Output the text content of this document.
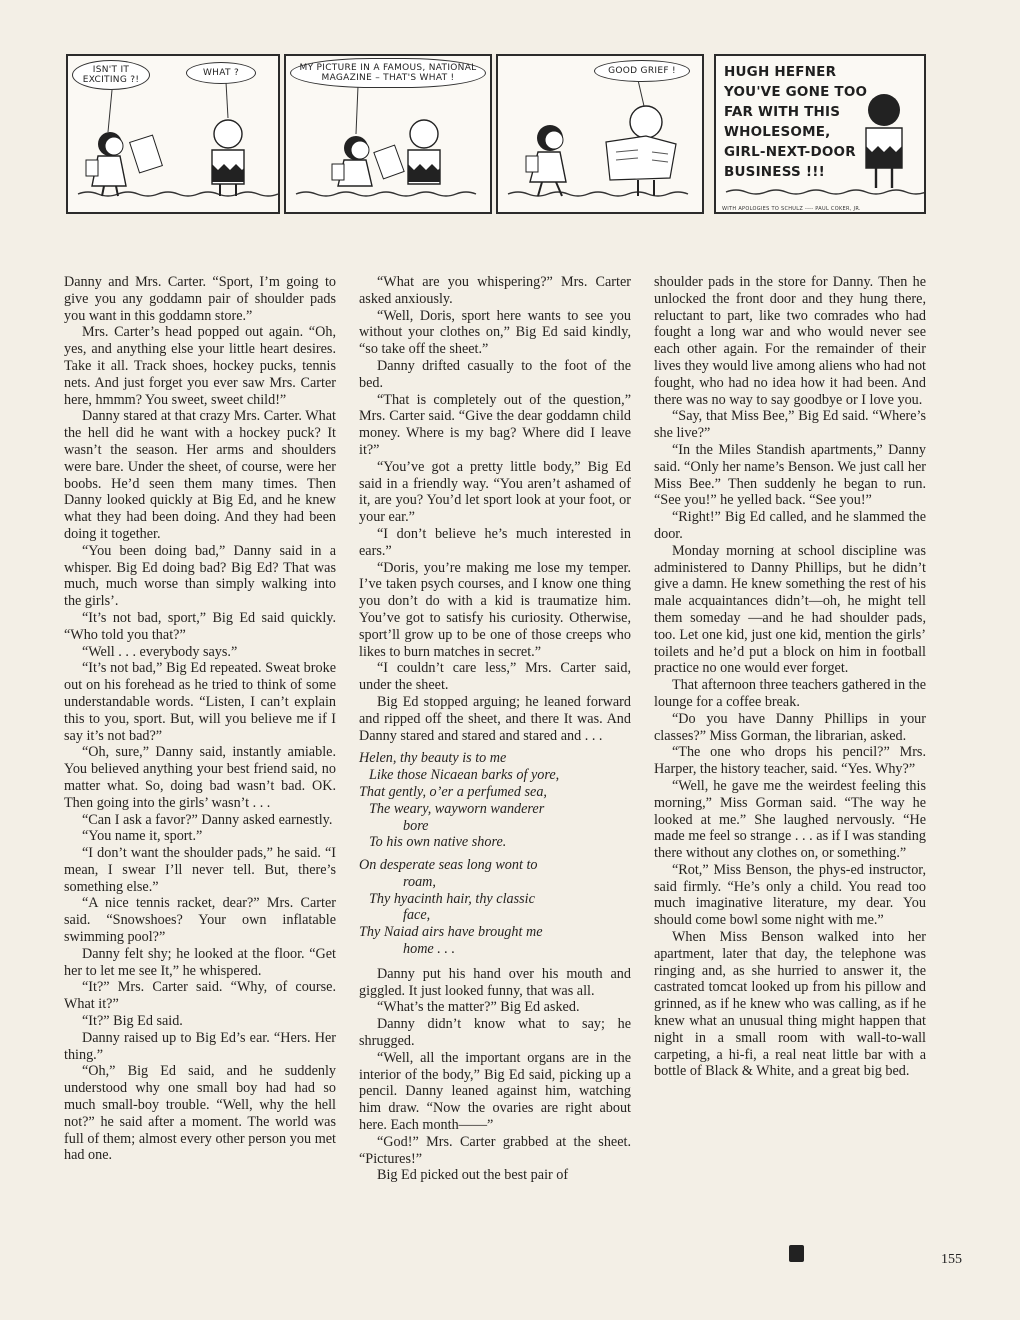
ISN'T IT EXCITING ?!
WHAT ?	MY PICTURE IN A FAMOUS, NATIONAL MAGAZINE – THAT'S WHAT !
GOOD GRIEF !	HUGH HEFNER YOU'VE GONE TOO FAR WITH THIS WHOLESOME, GIRL-NEXT-DOOR BUSINESS !!!
WITH APOLOGIES TO SCHULZ ---- PAUL COKER, JR.

Danny and Mrs. Carter. “Sport, I’m going to give you any goddamn pair of shoulder pads you want in this goddamn store.”

Mrs. Carter’s head popped out again. “Oh, yes, and anything else your little heart desires. Take it all. Track shoes, hockey pucks, tennis nets. And just forget you ever saw Mrs. Carter here, hmmm? You sweet, sweet child!”

Danny stared at that crazy Mrs. Carter. What the hell did he want with a hockey puck? It wasn’t the season. Her arms and shoulders were bare. Under the sheet, of course, were her boobs. He’d seen them many times. Then Danny looked quickly at Big Ed, and he knew what they had been doing. And they had been doing it together.

“You been doing bad,” Danny said in a whisper. Big Ed doing bad? Big Ed? That was much, much worse than simply walking into the girls’.

“It’s not bad, sport,” Big Ed said quickly. “Who told you that?”

“Well . . . everybody says.”

“It’s not bad,” Big Ed repeated. Sweat broke out on his forehead as he tried to think of some understandable words. “Listen, I can’t explain this to you, sport. But, will you believe me if I say it’s not bad?”

“Oh, sure,” Danny said, instantly amiable. You believed anything your best friend said, no matter what. So, doing bad wasn’t bad. OK. Then going into the girls’ wasn’t . . .

“Can I ask a favor?” Danny asked earnestly.

“You name it, sport.”

“I don’t want the shoulder pads,” he said. “I mean, I swear I’ll never tell. But, there’s something else.”

“A nice tennis racket, dear?” Mrs. Carter said. “Snowshoes? Your own inflatable swimming pool?”

Danny felt shy; he looked at the floor. “Get her to let me see It,” he whispered.

“It?” Mrs. Carter said. “Why, of course. What it?”

“It?” Big Ed said.

Danny raised up to Big Ed’s ear. “Hers. Her thing.”

“Oh,” Big Ed said, and he suddenly understood why one small boy had had so much small-boy trouble. “Well, why the hell not?” he said after a moment. The world was full of them; almost every other person you met had one.

“What are you whispering?” Mrs. Carter asked anxiously.

“Well, Doris, sport here wants to see you without your clothes on,” Big Ed said kindly, “so take off the sheet.”

Danny drifted casually to the foot of the bed.

“That is completely out of the question,” Mrs. Carter said. “Give the dear goddamn child money. Where is my bag? Where did I leave it?”

“You’ve got a pretty little body,” Big Ed said in a friendly way. “You aren’t ashamed of it, are you? You’d let sport look at your foot, or your ear.”

“I don’t believe he’s much interested in ears.”

“Doris, you’re making me lose my temper. I’ve taken psych courses, and I know one thing you don’t do with a kid is traumatize him. You’ve got to satisfy his curiosity. Otherwise, sport’ll grow up to be one of those creeps who likes to burn matches in secret.”

“I couldn’t care less,” Mrs. Carter said, under the sheet.

Big Ed stopped arguing; he leaned forward and ripped off the sheet, and there It was. And Danny stared and stared and stared and . . .

Helen, thy beauty is to me
Like those Nicaean barks of yore,
That gently, o’er a perfumed sea,
The weary, wayworn wanderer
bore
To his own native shore.
On desperate seas long wont to
roam,
Thy hyacinth hair, thy classic
face,
Thy Naiad airs have brought me
home . . .

Danny put his hand over his mouth and giggled. It just looked funny, that was all.

“What’s the matter?” Big Ed asked.

Danny didn’t know what to say; he shrugged.

“Well, all the important organs are in the interior of the body,” Big Ed said, picking up a pencil. Danny leaned against him, watching him draw. “Now the ovaries are right about here. Each month——”

“God!” Mrs. Carter grabbed at the sheet. “Pictures!”

Big Ed picked out the best pair of

shoulder pads in the store for Danny. Then he unlocked the front door and they hung there, reluctant to part, like two comrades who had fought a long war and who would never see each other again. For the remainder of their lives they would live among aliens who had not fought, who had no idea how it had been. And there was no way to say goodbye or I love you.

“Say, that Miss Bee,” Big Ed said. “Where’s she live?”

“In the Miles Standish apartments,” Danny said. “Only her name’s Benson. We just call her Miss Bee.” Then suddenly he began to run. “See you!” he yelled back. “See you!”

“Right!” Big Ed called, and he slammed the door.

Monday morning at school discipline was administered to Danny Phillips, but he didn’t give a damn. He knew something the rest of his male acquaintances didn’t—oh, he might tell them someday —and he had shoulder pads, too. Let one kid, just one kid, mention the girls’ toilets and he’d put a block on him in football practice no one would ever forget.

That afternoon three teachers gathered in the lounge for a coffee break.

“Do you have Danny Phillips in your classes?” Miss Gorman, the librarian, asked.

“The one who drops his pencil?” Mrs. Harper, the history teacher, said. “Yes. Why?”

“Well, he gave me the weirdest feeling this morning,” Miss Gorman said. “The way he looked at me.” She laughed nervously. “He made me feel so strange . . . as if I was standing there without any clothes on, or something.”

“Rot,” Miss Benson, the phys-ed instructor, said firmly. “He’s only a child. You read too much imaginative literature, my dear. You should come bowl some night with me.”

When Miss Benson walked into her apartment, later that day, the telephone was ringing and, as she hurried to answer it, the castrated tomcat looked up from his pillow and grinned, as if he knew who was calling, as if he knew what an unusual thing might happen that night in a small room with wall-to-wall carpeting, a hi-fi, a real neat little bar with a bottle of Black & White, and a great big bed.

155
